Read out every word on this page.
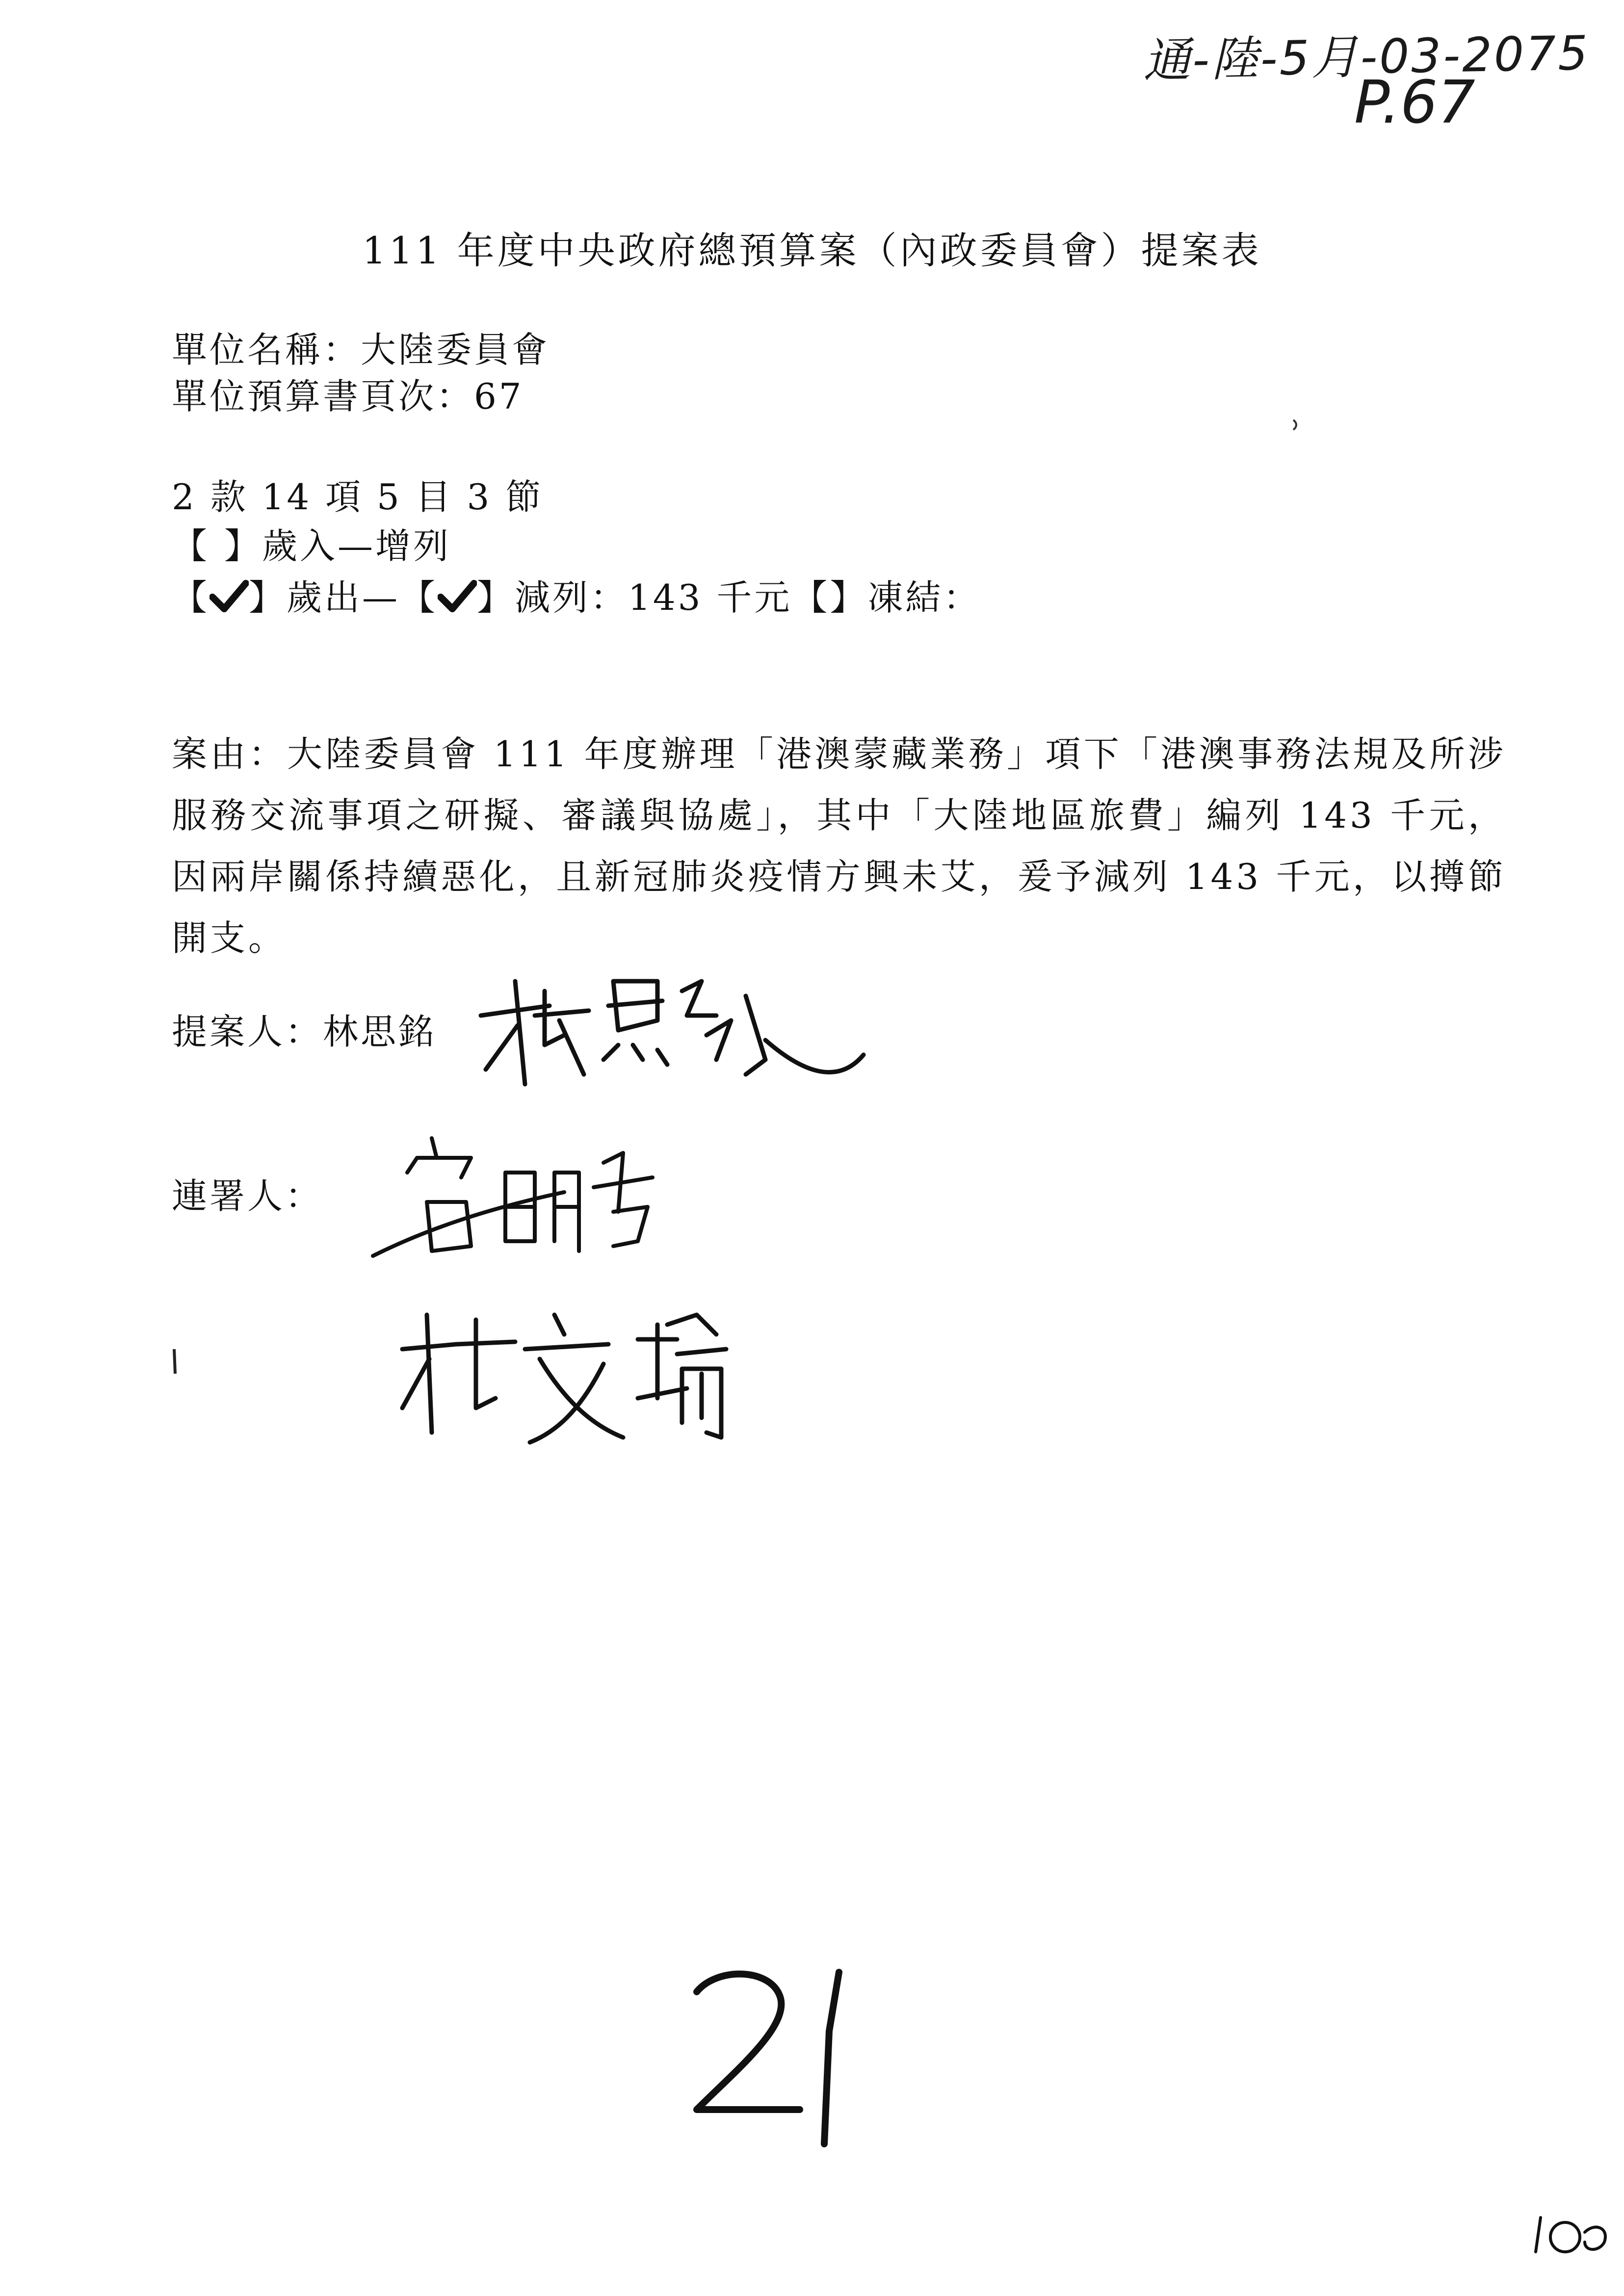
通-陸-5月-03-2075
P.67
111 年度中央政府總預算案（內政委員會）提案表
單位名稱：大陸委員會
單位預算書頁次：67
2 款 14 項 5 目 3 節
【 】歲入—增列
【 】歲出—【 】減列：143 千元【】凍結：
案由：大陸委員會 111 年度辦理「港澳蒙藏業務」項下「港澳事務法規及所涉服務交流事項之研擬、審議與協處」，其中「大陸地區旅費」編列 143 千元，因兩岸關係持續惡化，且新冠肺炎疫情方興未艾，爰予減列 143 千元，以撙節開支。
提案人：林思銘
連署人：
